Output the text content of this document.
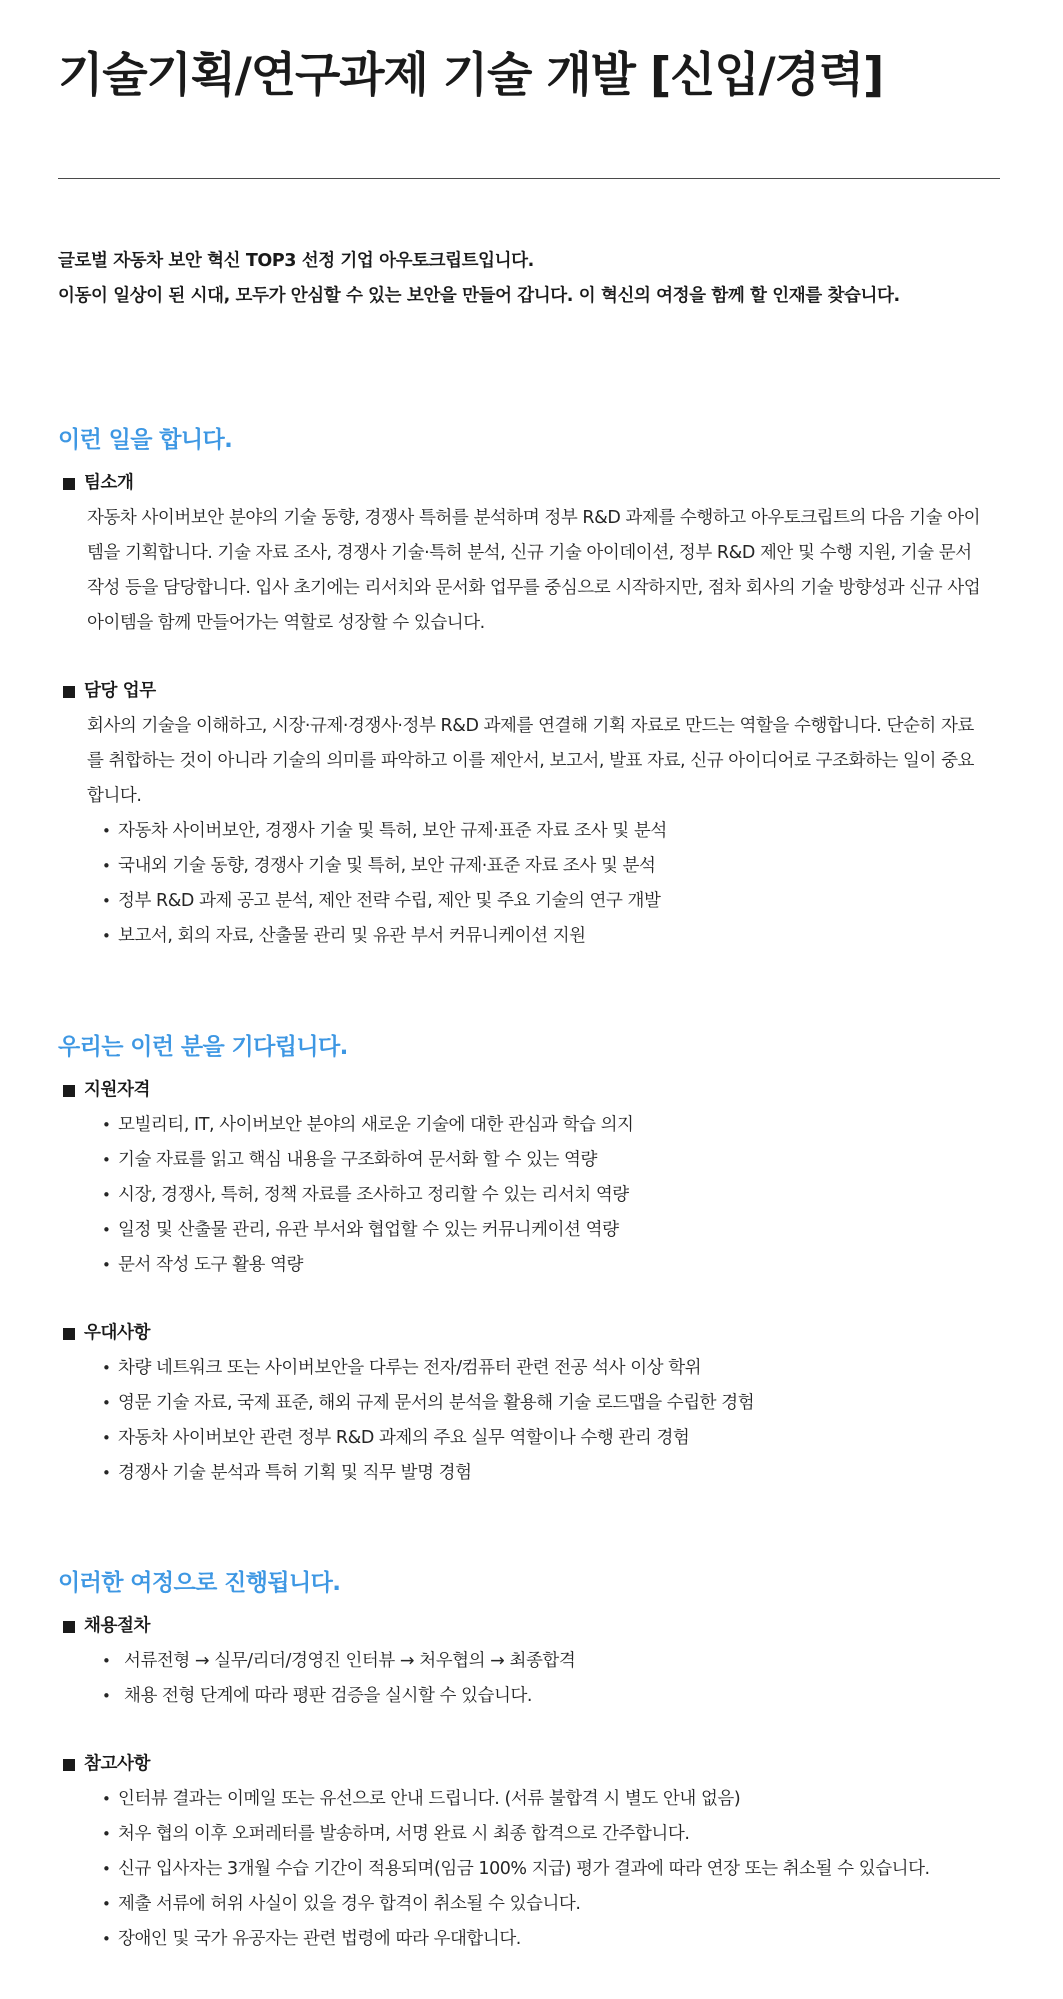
기술기획/연구과제 기술 개발 [신입/경력]

글로벌 자동차 보안 혁신 TOP3 선정 기업 아우토크립트입니다.

이동이 일상이 된 시대, 모두가 안심할 수 있는 보안을 만들어 갑니다. 이 혁신의 여정을 함께 할 인재를 찾습니다.

이런 일을 합니다.
팀소개

자동차 사이버보안 분야의 기술 동향, 경쟁사 특허를 분석하며 정부 R&D 과제를 수행하고 아우토크립트의 다음 기술 아이템을 기획합니다. 기술 자료 조사, 경쟁사 기술·특허 분석, 신규 기술 아이데이션, 정부 R&D 제안 및 수행 지원, 기술 문서 작성 등을 담당합니다. 입사 초기에는 리서치와 문서화 업무를 중심으로 시작하지만, 점차 회사의 기술 방향성과 신규 사업 아이템을 함께 만들어가는 역할로 성장할 수 있습니다.

담당 업무

회사의 기술을 이해하고, 시장·규제·경쟁사·정부 R&D 과제를 연결해 기획 자료로 만드는 역할을 수행합니다. 단순히 자료를 취합하는 것이 아니라 기술의 의미를 파악하고 이를 제안서, 보고서, 발표 자료, 신규 아이디어로 구조화하는 일이 중요합니다.

• 자동차 사이버보안, 경쟁사 기술 및 특허, 보안 규제·표준 자료 조사 및 분석
• 국내외 기술 동향, 경쟁사 기술 및 특허, 보안 규제·표준 자료 조사 및 분석
• 정부 R&D 과제 공고 분석, 제안 전략 수립, 제안 및 주요 기술의 연구 개발
• 보고서, 회의 자료, 산출물 관리 및 유관 부서 커뮤니케이션 지원
우리는 이런 분을 기다립니다.
지원자격
• 모빌리티, IT, 사이버보안 분야의 새로운 기술에 대한 관심과 학습 의지
• 기술 자료를 읽고 핵심 내용을 구조화하여 문서화 할 수 있는 역량
• 시장, 경쟁사, 특허, 정책 자료를 조사하고 정리할 수 있는 리서치 역량
• 일정 및 산출물 관리, 유관 부서와 협업할 수 있는 커뮤니케이션 역량
• 문서 작성 도구 활용 역량
우대사항
• 차량 네트워크 또는 사이버보안을 다루는 전자/컴퓨터 관련 전공 석사 이상 학위
• 영문 기술 자료, 국제 표준, 해외 규제 문서의 분석을 활용해 기술 로드맵을 수립한 경험
• 자동차 사이버보안 관련 정부 R&D 과제의 주요 실무 역할이나 수행 관리 경험
• 경쟁사 기술 분석과 특허 기획 및 직무 발명 경험
이러한 여정으로 진행됩니다.
채용절차
• 서류전형 → 실무/리더/경영진 인터뷰 → 처우협의 → 최종합격
• 채용 전형 단계에 따라 평판 검증을 실시할 수 있습니다.
참고사항
• 인터뷰 결과는 이메일 또는 유선으로 안내 드립니다. (서류 불합격 시 별도 안내 없음)
• 처우 협의 이후 오퍼레터를 발송하며, 서명 완료 시 최종 합격으로 간주합니다.
• 신규 입사자는 3개월 수습 기간이 적용되며(임금 100% 지급) 평가 결과에 따라 연장 또는 취소될 수 있습니다.
• 제출 서류에 허위 사실이 있을 경우 합격이 취소될 수 있습니다.
• 장애인 및 국가 유공자는 관련 법령에 따라 우대합니다.
